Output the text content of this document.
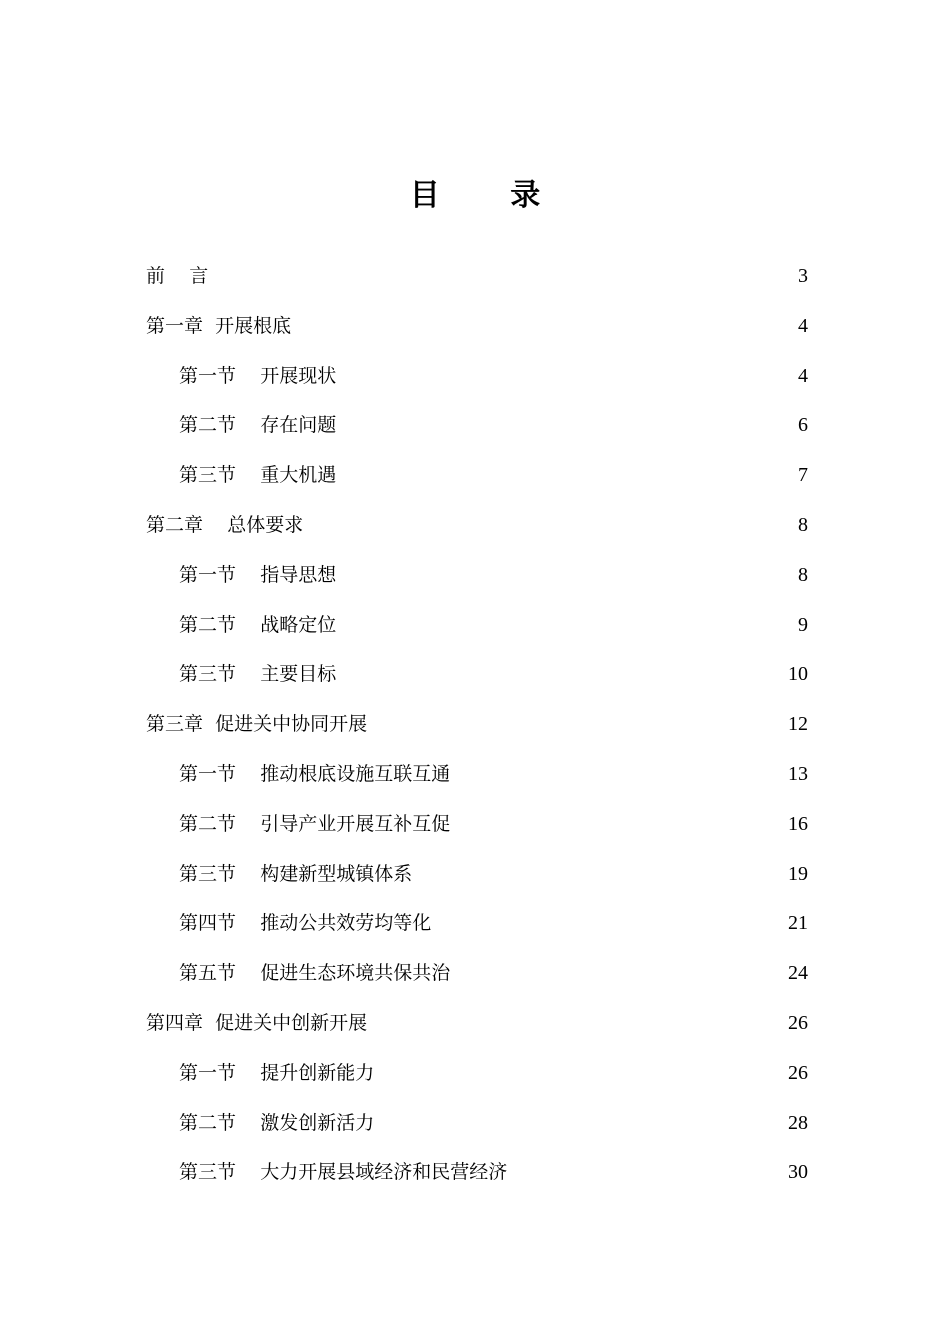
目 录
前 言	3
第一章 开展根底	4
第一节 开展现状	4
第二节 存在问题	6
第三节 重大机遇	7
第二章 总体要求	8
第一节 指导思想	8
第二节 战略定位	9
第三节 主要目标	10
第三章 促进关中协同开展	12
第一节 推动根底设施互联互通	13
第二节 引导产业开展互补互促	16
第三节 构建新型城镇体系	19
第四节 推动公共效劳均等化	21
第五节 促进生态环境共保共治	24
第四章 促进关中创新开展	26
第一节 提升创新能力	26
第二节 激发创新活力	28
第三节 大力开展县域经济和民营经济	30
